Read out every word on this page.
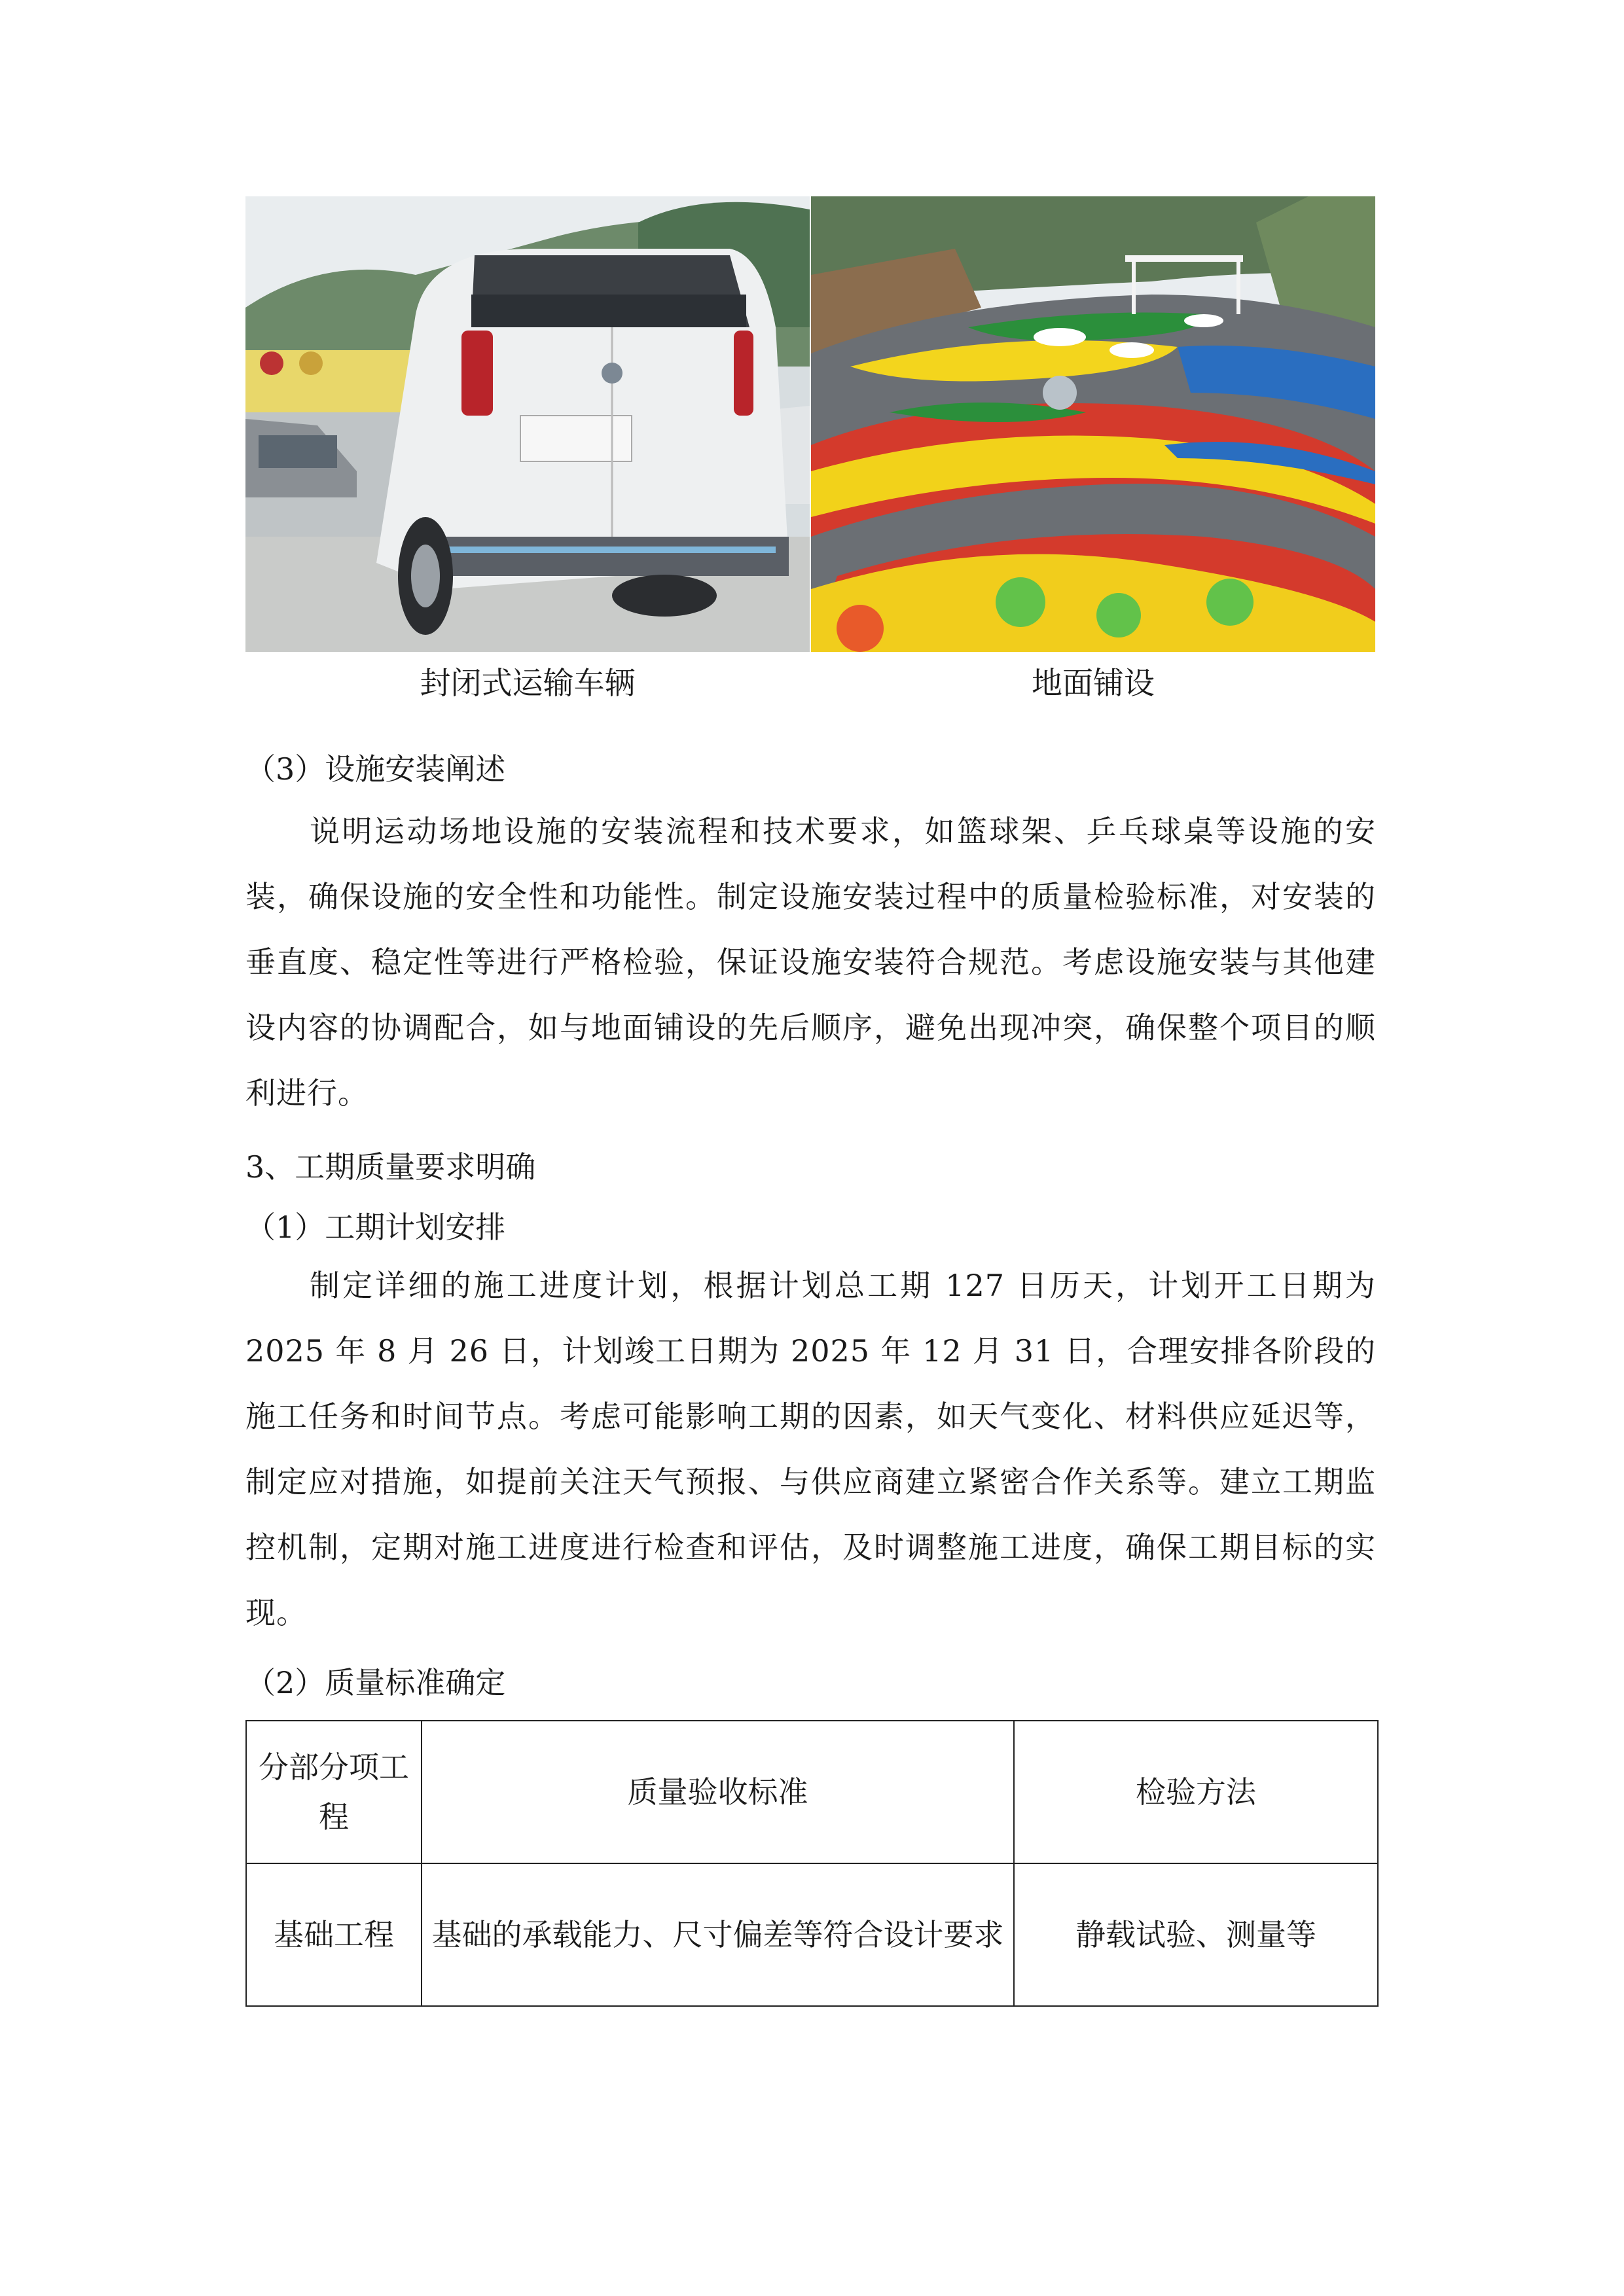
封闭式运输车辆	地面铺设
（3）设施安装阐述
说明运动场地设施的安装流程和技术要求，如篮球架、乒乓球桌等设施的安装，确保设施的安全性和功能性。制定设施安装过程中的质量检验标准，对安装的垂直度、稳定性等进行严格检验，保证设施安装符合规范。考虑设施安装与其他建设内容的协调配合，如与地面铺设的先后顺序，避免出现冲突，确保整个项目的顺利进行。
3、工期质量要求明确
（1）工期计划安排
制定详细的施工进度计划，根据计划总工期 127 日历天，计划开工日期为 2025 年 8 月 26 日，计划竣工日期为 2025 年 12 月 31 日，合理安排各阶段的施工任务和时间节点。考虑可能影响工期的因素，如天气变化、材料供应延迟等，制定应对措施，如提前关注天气预报、与供应商建立紧密合作关系等。建立工期监控机制，定期对施工进度进行检查和评估，及时调整施工进度，确保工期目标的实现。
（2）质量标准确定
分部分项工程	质量验收标准	检验方法
基础工程	基础的承载能力、尺寸偏差等符合设计要求	静载试验、测量等
